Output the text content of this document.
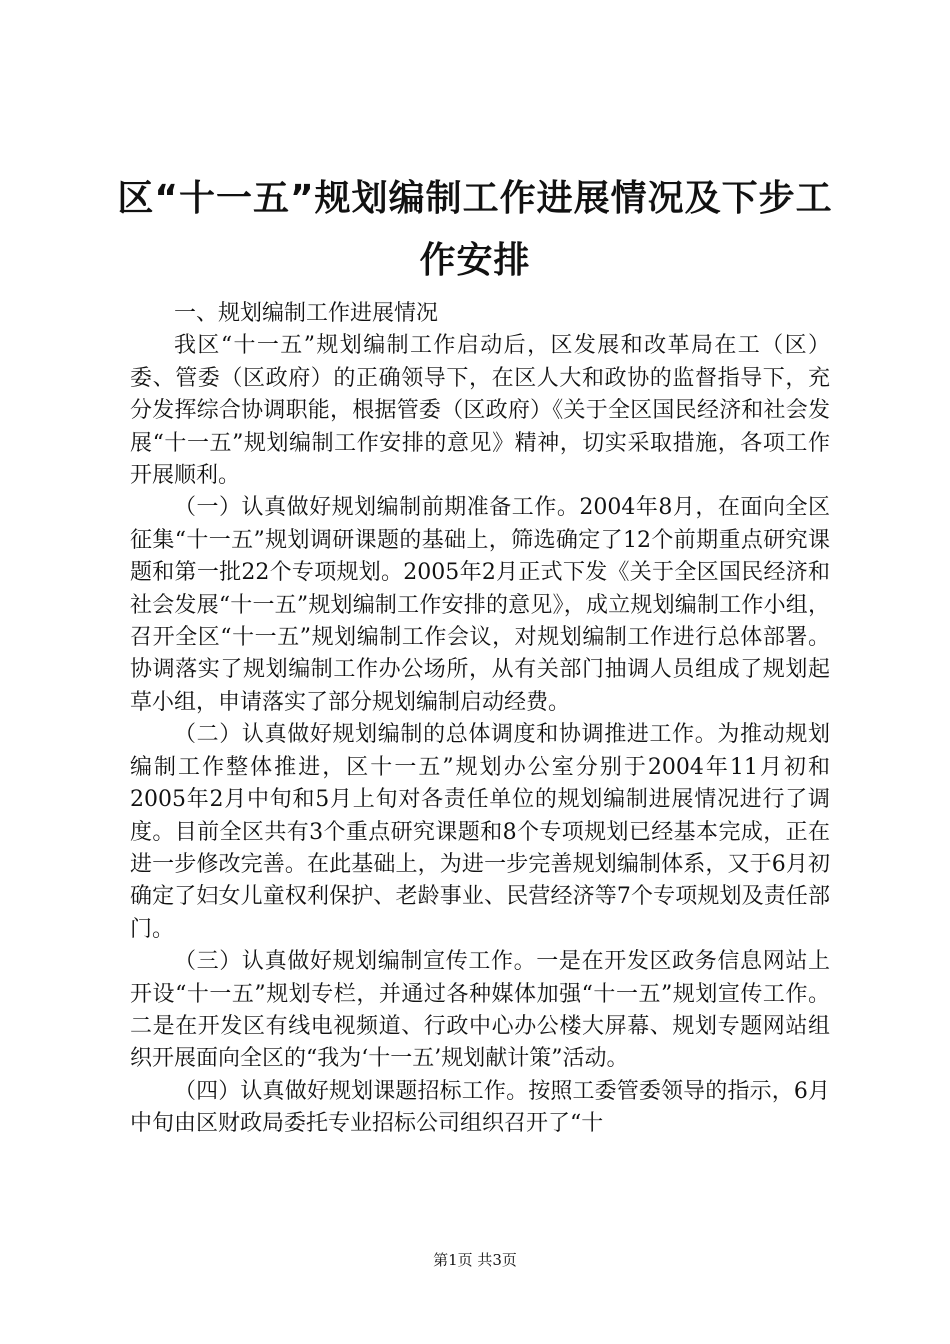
区“十一五”规划编制工作进展情况及下步工作安排

一、规划编制工作进展情况

我区“十一五”规划编制工作启动后，区发展和改革局在工（区）委、管委（区政府）的正确领导下，在区人大和政协的监督指导下，充分发挥综合协调职能，根据管委（区政府）《关于全区国民经济和社会发展“十一五”规划编制工作安排的意见》精神，切实采取措施，各项工作开展顺利。

（一）认真做好规划编制前期准备工作。2004年8月，在面向全区征集“十一五”规划调研课题的基础上，筛选确定了12个前期重点研究课题和第一批22个专项规划。2005年2月正式下发《关于全区国民经济和社会发展“十一五”规划编制工作安排的意见》，成立规划编制工作小组，召开全区“十一五”规划编制工作会议，对规划编制工作进行总体部署。协调落实了规划编制工作办公场所，从有关部门抽调人员组成了规划起草小组，申请落实了部分规划编制启动经费。

（二）认真做好规划编制的总体调度和协调推进工作。为推动规划编制工作整体推进，区十一五”规划办公室分别于2004年11月初和2005年2月中旬和5月上旬对各责任单位的规划编制进展情况进行了调度。目前全区共有3个重点研究课题和8个专项规划已经基本完成，正在进一步修改完善。在此基础上，为进一步完善规划编制体系，又于6月初确定了妇女儿童权利保护、老龄事业、民营经济等7个专项规划及责任部门。

（三）认真做好规划编制宣传工作。一是在开发区政务信息网站上开设“十一五”规划专栏，并通过各种媒体加强“十一五”规划宣传工作。二是在开发区有线电视频道、行政中心办公楼大屏幕、规划专题网站组织开展面向全区的“我为‘十一五’规划献计策”活动。

（四）认真做好规划课题招标工作。按照工委管委领导的指示，6月中旬由区财政局委托专业招标公司组织召开了“十

第1页 共3页
